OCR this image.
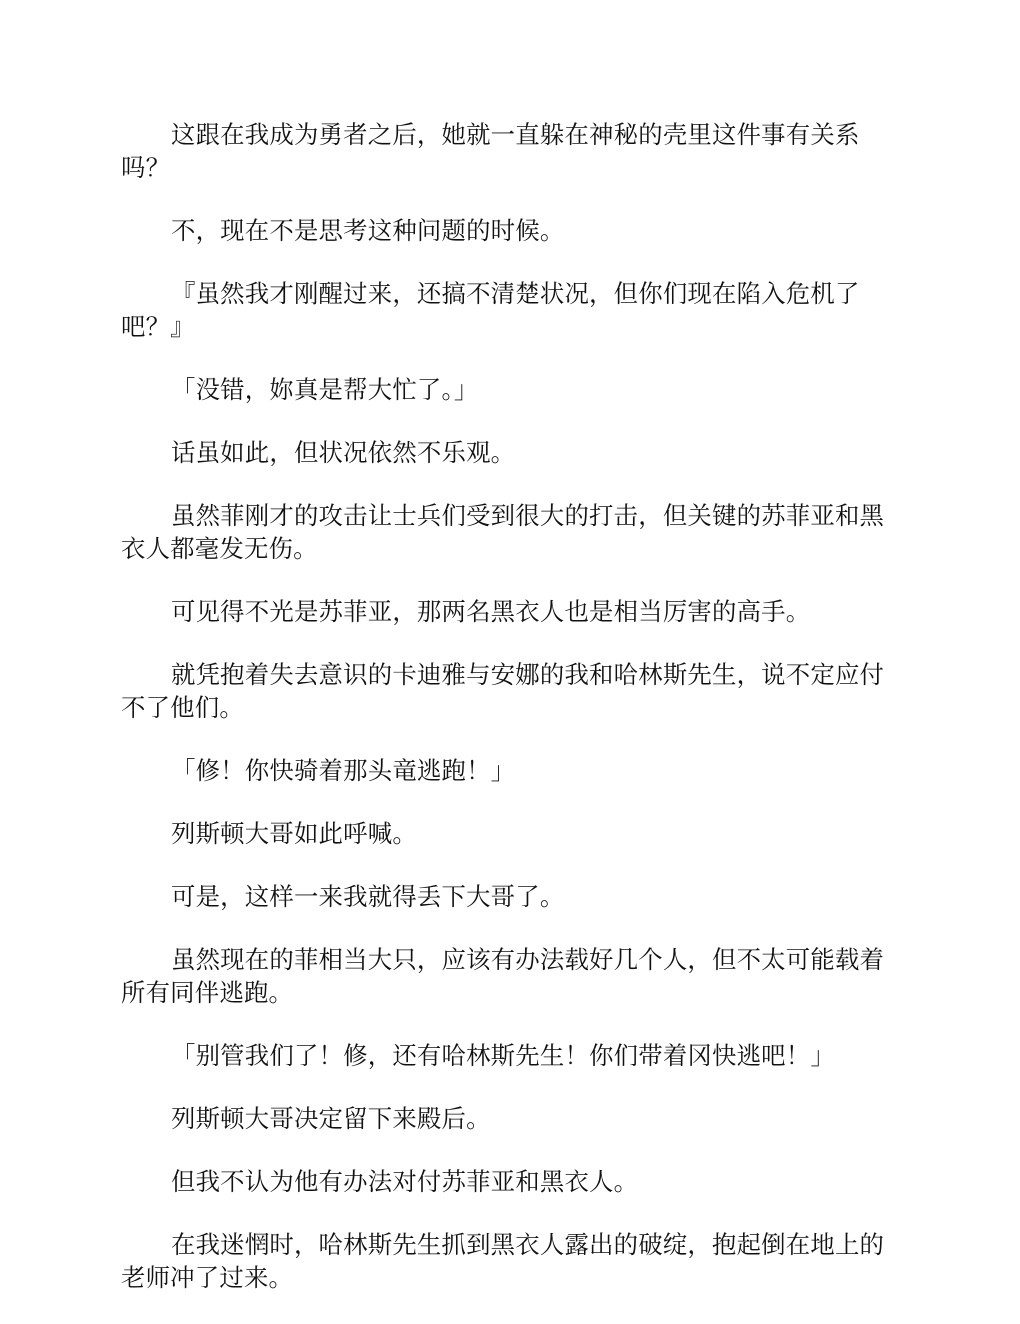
这跟在我成为勇者之后，她就一直躲在神秘的壳里这件事有关系吗？

不，现在不是思考这种问题的时候。

『虽然我才刚醒过来，还搞不清楚状况，但你们现在陷入危机了吧？』

「没错，妳真是帮大忙了。」

话虽如此，但状况依然不乐观。

虽然菲刚才的攻击让士兵们受到很大的打击，但关键的苏菲亚和黑衣人都毫发无伤。

可见得不光是苏菲亚，那两名黑衣人也是相当厉害的高手。

就凭抱着失去意识的卡迪雅与安娜的我和哈林斯先生，说不定应付不了他们。

「修！你快骑着那头竜逃跑！」

列斯顿大哥如此呼喊。

可是，这样一来我就得丢下大哥了。

虽然现在的菲相当大只，应该有办法载好几个人，但不太可能载着所有同伴逃跑。

「别管我们了！修，还有哈林斯先生！你们带着冈快逃吧！」

列斯顿大哥决定留下来殿后。

但我不认为他有办法对付苏菲亚和黑衣人。

在我迷惘时，哈林斯先生抓到黑衣人露出的破绽，抱起倒在地上的老师冲了过来。
